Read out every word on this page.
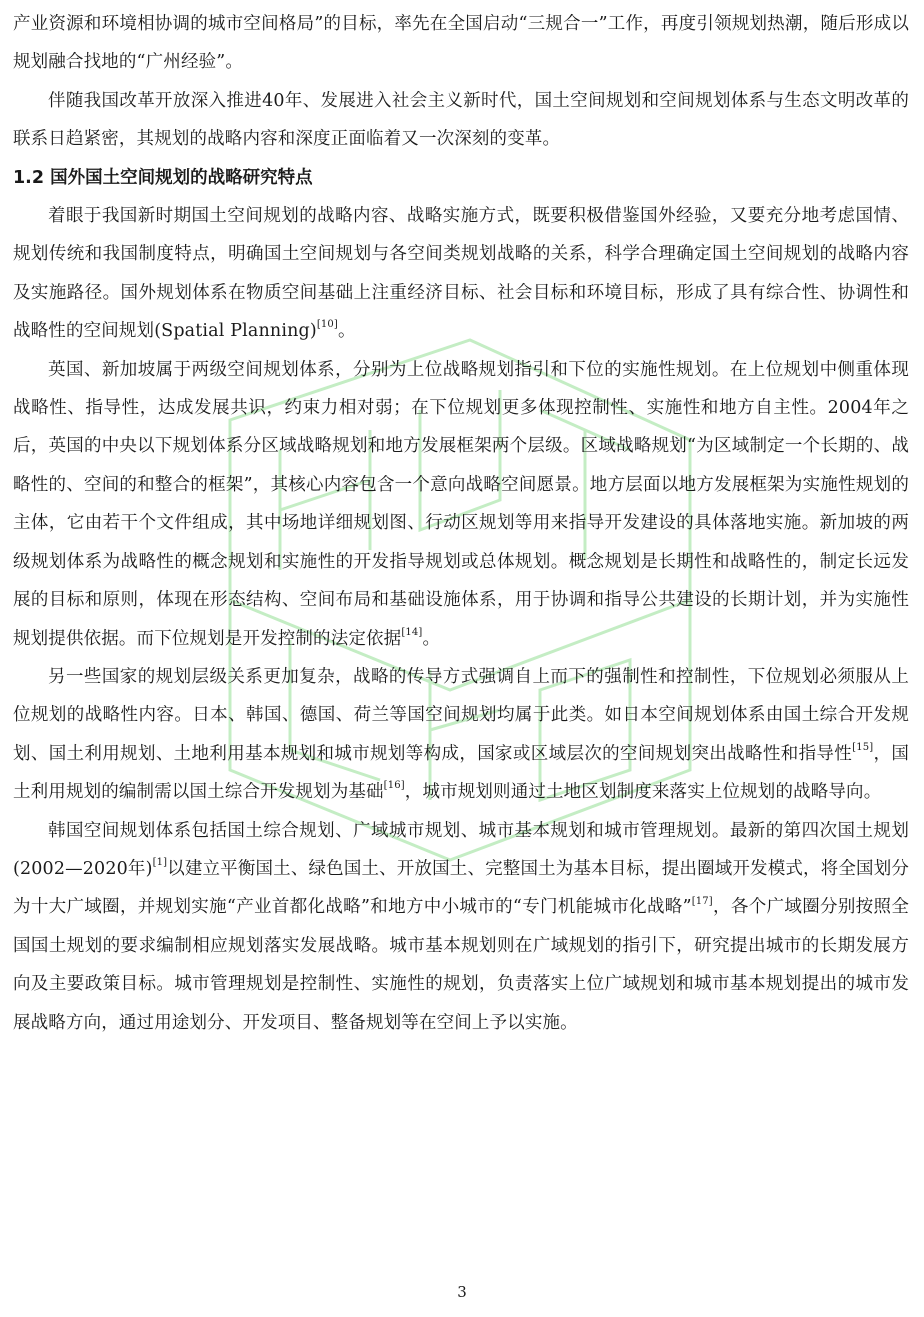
产业资源和环境相协调的城市空间格局”的目标，率先在全国启动“三规合一”工作，再度引领规划热潮，随后形成以规划融合找地的“广州经验”。

伴随我国改革开放深入推进40年、发展进入社会主义新时代，国土空间规划和空间规划体系与生态文明改革的联系日趋紧密，其规划的战略内容和深度正面临着又一次深刻的变革。

1.2 国外国土空间规划的战略研究特点

着眼于我国新时期国土空间规划的战略内容、战略实施方式，既要积极借鉴国外经验，又要充分地考虑国情、规划传统和我国制度特点，明确国土空间规划与各空间类规划战略的关系，科学合理确定国土空间规划的战略内容及实施路径。国外规划体系在物质空间基础上注重经济目标、社会目标和环境目标，形成了具有综合性、协调性和战略性的空间规划(Spatial Planning)[10]。

英国、新加坡属于两级空间规划体系，分别为上位战略规划指引和下位的实施性规划。在上位规划中侧重体现战略性、指导性，达成发展共识，约束力相对弱；在下位规划更多体现控制性、实施性和地方自主性。2004年之后，英国的中央以下规划体系分区域战略规划和地方发展框架两个层级。区域战略规划“为区域制定一个长期的、战略性的、空间的和整合的框架”，其核心内容包含一个意向战略空间愿景。地方层面以地方发展框架为实施性规划的主体，它由若干个文件组成，其中场地详细规划图、行动区规划等用来指导开发建设的具体落地实施。新加坡的两级规划体系为战略性的概念规划和实施性的开发指导规划或总体规划。概念规划是长期性和战略性的，制定长远发展的目标和原则，体现在形态结构、空间布局和基础设施体系，用于协调和指导公共建设的长期计划，并为实施性规划提供依据。而下位规划是开发控制的法定依据[14]。

另一些国家的规划层级关系更加复杂，战略的传导方式强调自上而下的强制性和控制性，下位规划必须服从上位规划的战略性内容。日本、韩国、德国、荷兰等国空间规划均属于此类。如日本空间规划体系由国土综合开发规划、国土利用规划、土地利用基本规划和城市规划等构成，国家或区域层次的空间规划突出战略性和指导性[15]，国土利用规划的编制需以国土综合开发规划为基础[16]，城市规划则通过土地区划制度来落实上位规划的战略导向。

韩国空间规划体系包括国土综合规划、广域城市规划、城市基本规划和城市管理规划。最新的第四次国土规划(2002—2020年)[1]以建立平衡国土、绿色国土、开放国土、完整国土为基本目标，提出圈域开发模式，将全国划分为十大广域圈，并规划实施“产业首都化战略”和地方中小城市的“专门机能城市化战略”[17]，各个广域圈分别按照全国国土规划的要求编制相应规划落实发展战略。城市基本规划则在广域规划的指引下，研究提出城市的长期发展方向及主要政策目标。城市管理规划是控制性、实施性的规划，负责落实上位广域规划和城市基本规划提出的城市发展战略方向，通过用途划分、开发项目、整备规划等在空间上予以实施。

3
